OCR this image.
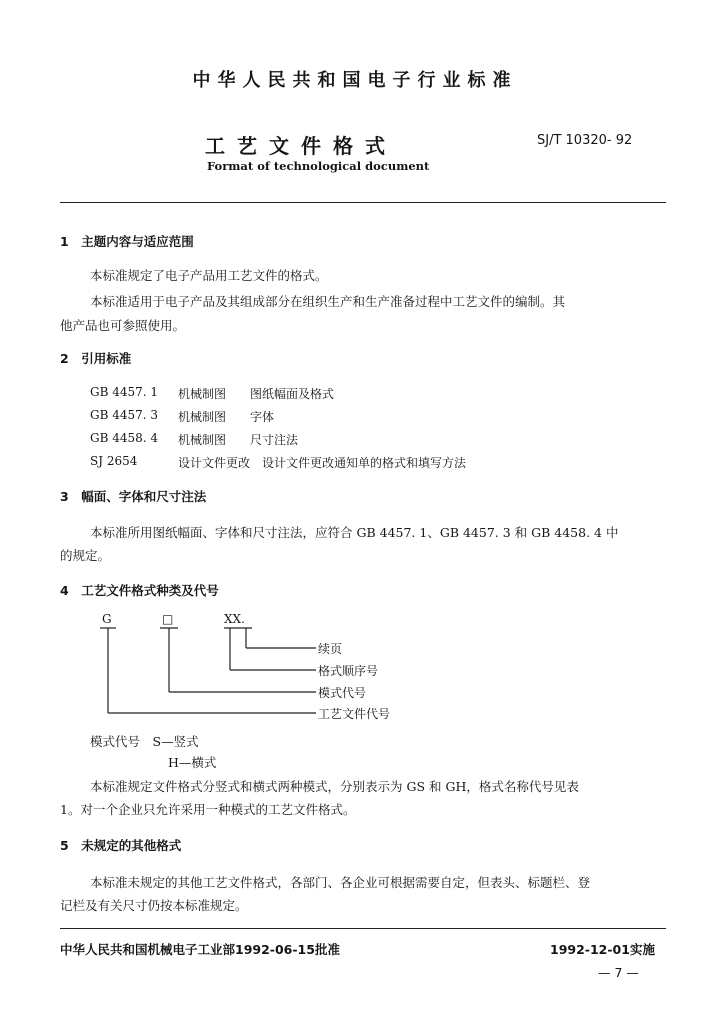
中华人民共和国电子行业标准
工艺文件格式	SJ/T 10320- 92
Format of technological document
1　主题内容与适应范围
本标准规定了电子产品用工艺文件的格式。
本标准适用于电子产品及其组成部分在组织生产和生产准备过程中工艺文件的编制。其
他产品也可参照使用。
2　引用标准
GB 4457. 1 机械制图 图纸幅面及格式
GB 4457. 3 机械制图 字体
GB 4458. 4 机械制图 尺寸注法
SJ 2654	设计文件更改　设计文件更改通知单的格式和填写方法
3　幅面、字体和尺寸注法
本标准所用图纸幅面、字体和尺寸注法，应符合 GB 4457. 1、GB 4457. 3 和 GB 4458. 4 中
的规定。
4　工艺文件格式种类及代号
G	□	XX.
续页
格式顺序号
模式代号
工艺文件代号
模式代号　S—竖式
H—横式
本标准规定文件格式分竖式和横式两种模式，分别表示为 GS 和 GH，格式名称代号见表
1。对一个企业只允许采用一种模式的工艺文件格式。
5　未规定的其他格式
本标准未规定的其他工艺文件格式，各部门、各企业可根据需要自定，但表头、标题栏、登
记栏及有关尺寸仍按本标准规定。
中华人民共和国机械电子工业部1992-06-15批准	1992-12-01实施
— 7 —
